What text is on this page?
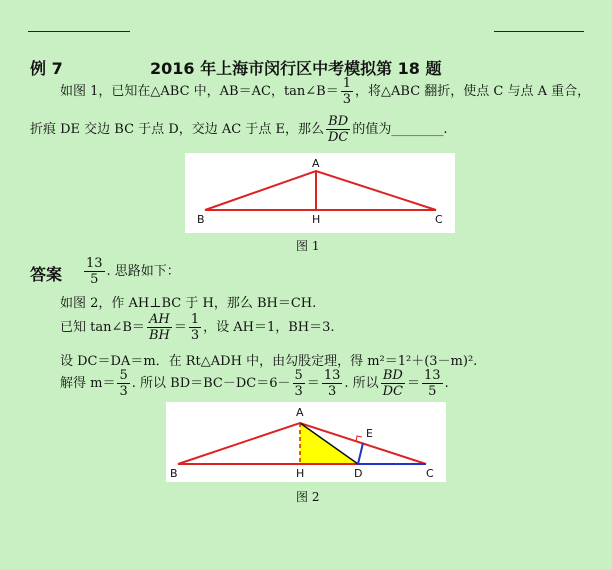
例 7	2016 年上海市闵行区中考模拟第 18 题
如图 1，已知在△ABC 中，AB＝AC，tan∠B＝ $\frac{1}{3}$ ，将△ABC 翻折，使点 C 与点 A 重合，
折痕 DE 交边 BC 于点 D，交边 AC 于点 E，那么 $\frac{BD}{DC}$ 的值为________.
A
B	H	C
图 1
答案 $\frac{13}{5}$ . 思路如下：
如图 2，作 AH⊥BC 于 H，那么 BH＝CH.
已知 tan∠B＝ $\frac{AH}{BH} = \frac{1}{3}$ ，设 AH＝1，BH＝3.
设 DC＝DA＝m．在 Rt△ADH 中，由勾股定理，得 m²＝1²＋(3－m)².
解得 $m= \frac{5}{3}$ . 所以 $BD=BC-DC=6- \frac{5}{3} = \frac{13}{3}$ . 所以 $\frac{BD}{DC} = \frac{13}{5}$ .
A
B	H	D
E
C
图 2
